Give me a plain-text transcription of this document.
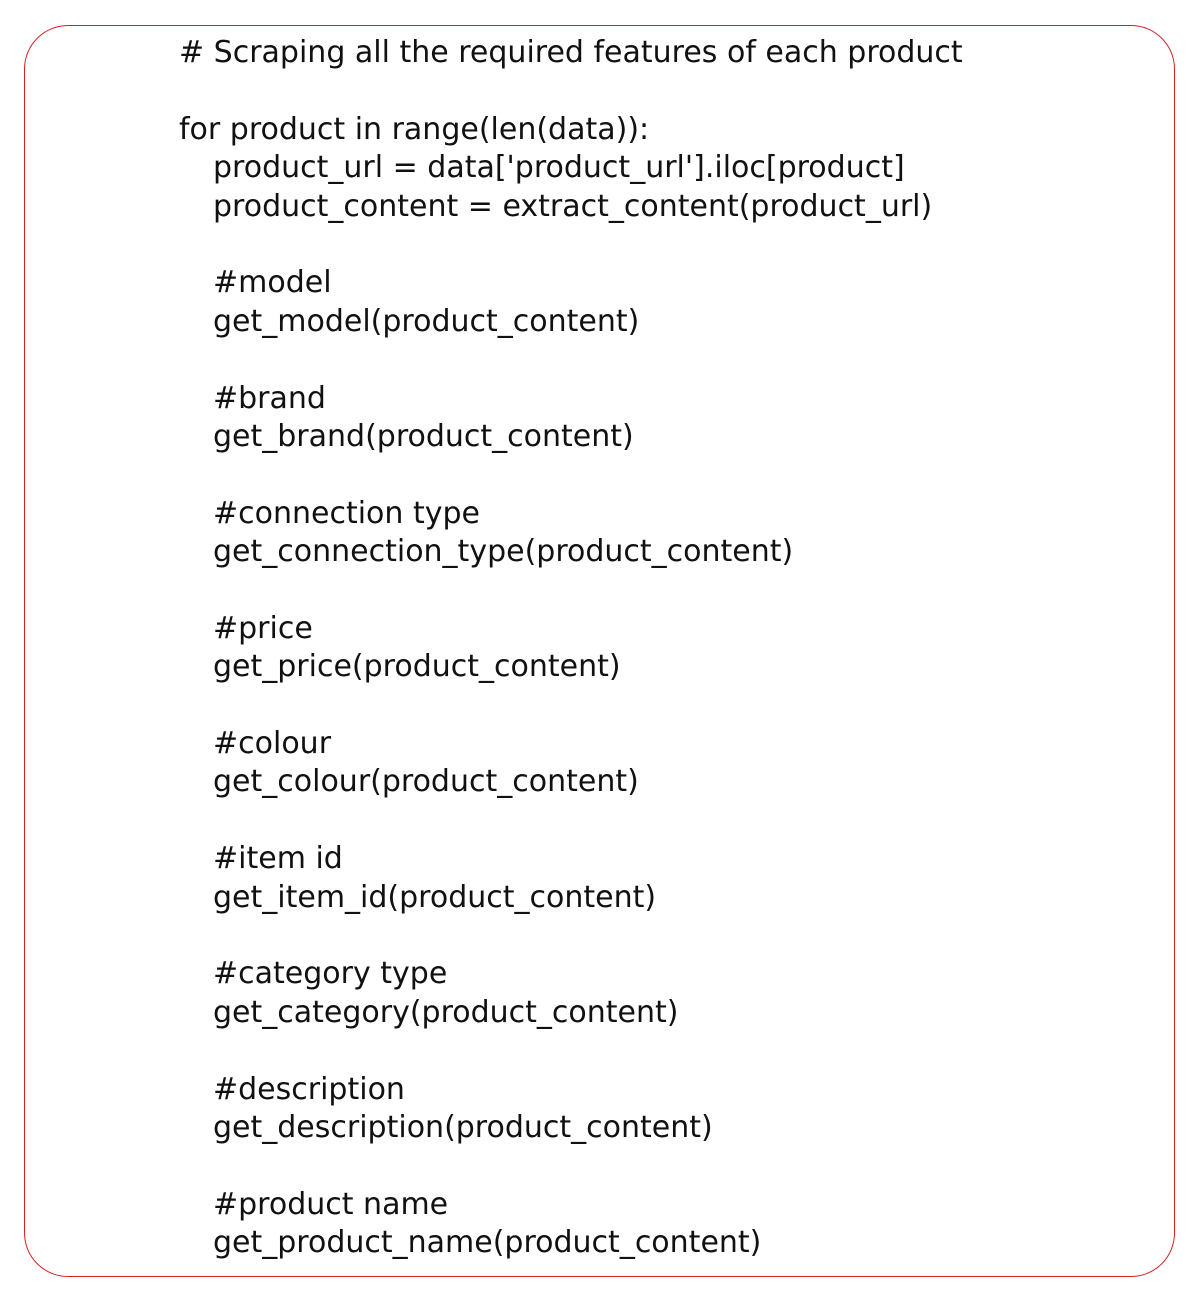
# Scraping all the required features of each product
for product in range(len(data)):
product_url = data['product_url'].iloc[product]
product_content = extract_content(product_url)
#model
get_model(product_content)
#brand
get_brand(product_content)
#connection type
get_connection_type(product_content)
#price
get_price(product_content)
#colour
get_colour(product_content)
#item id
get_item_id(product_content)
#category type
get_category(product_content)
#description
get_description(product_content)
#product name
get_product_name(product_content)
